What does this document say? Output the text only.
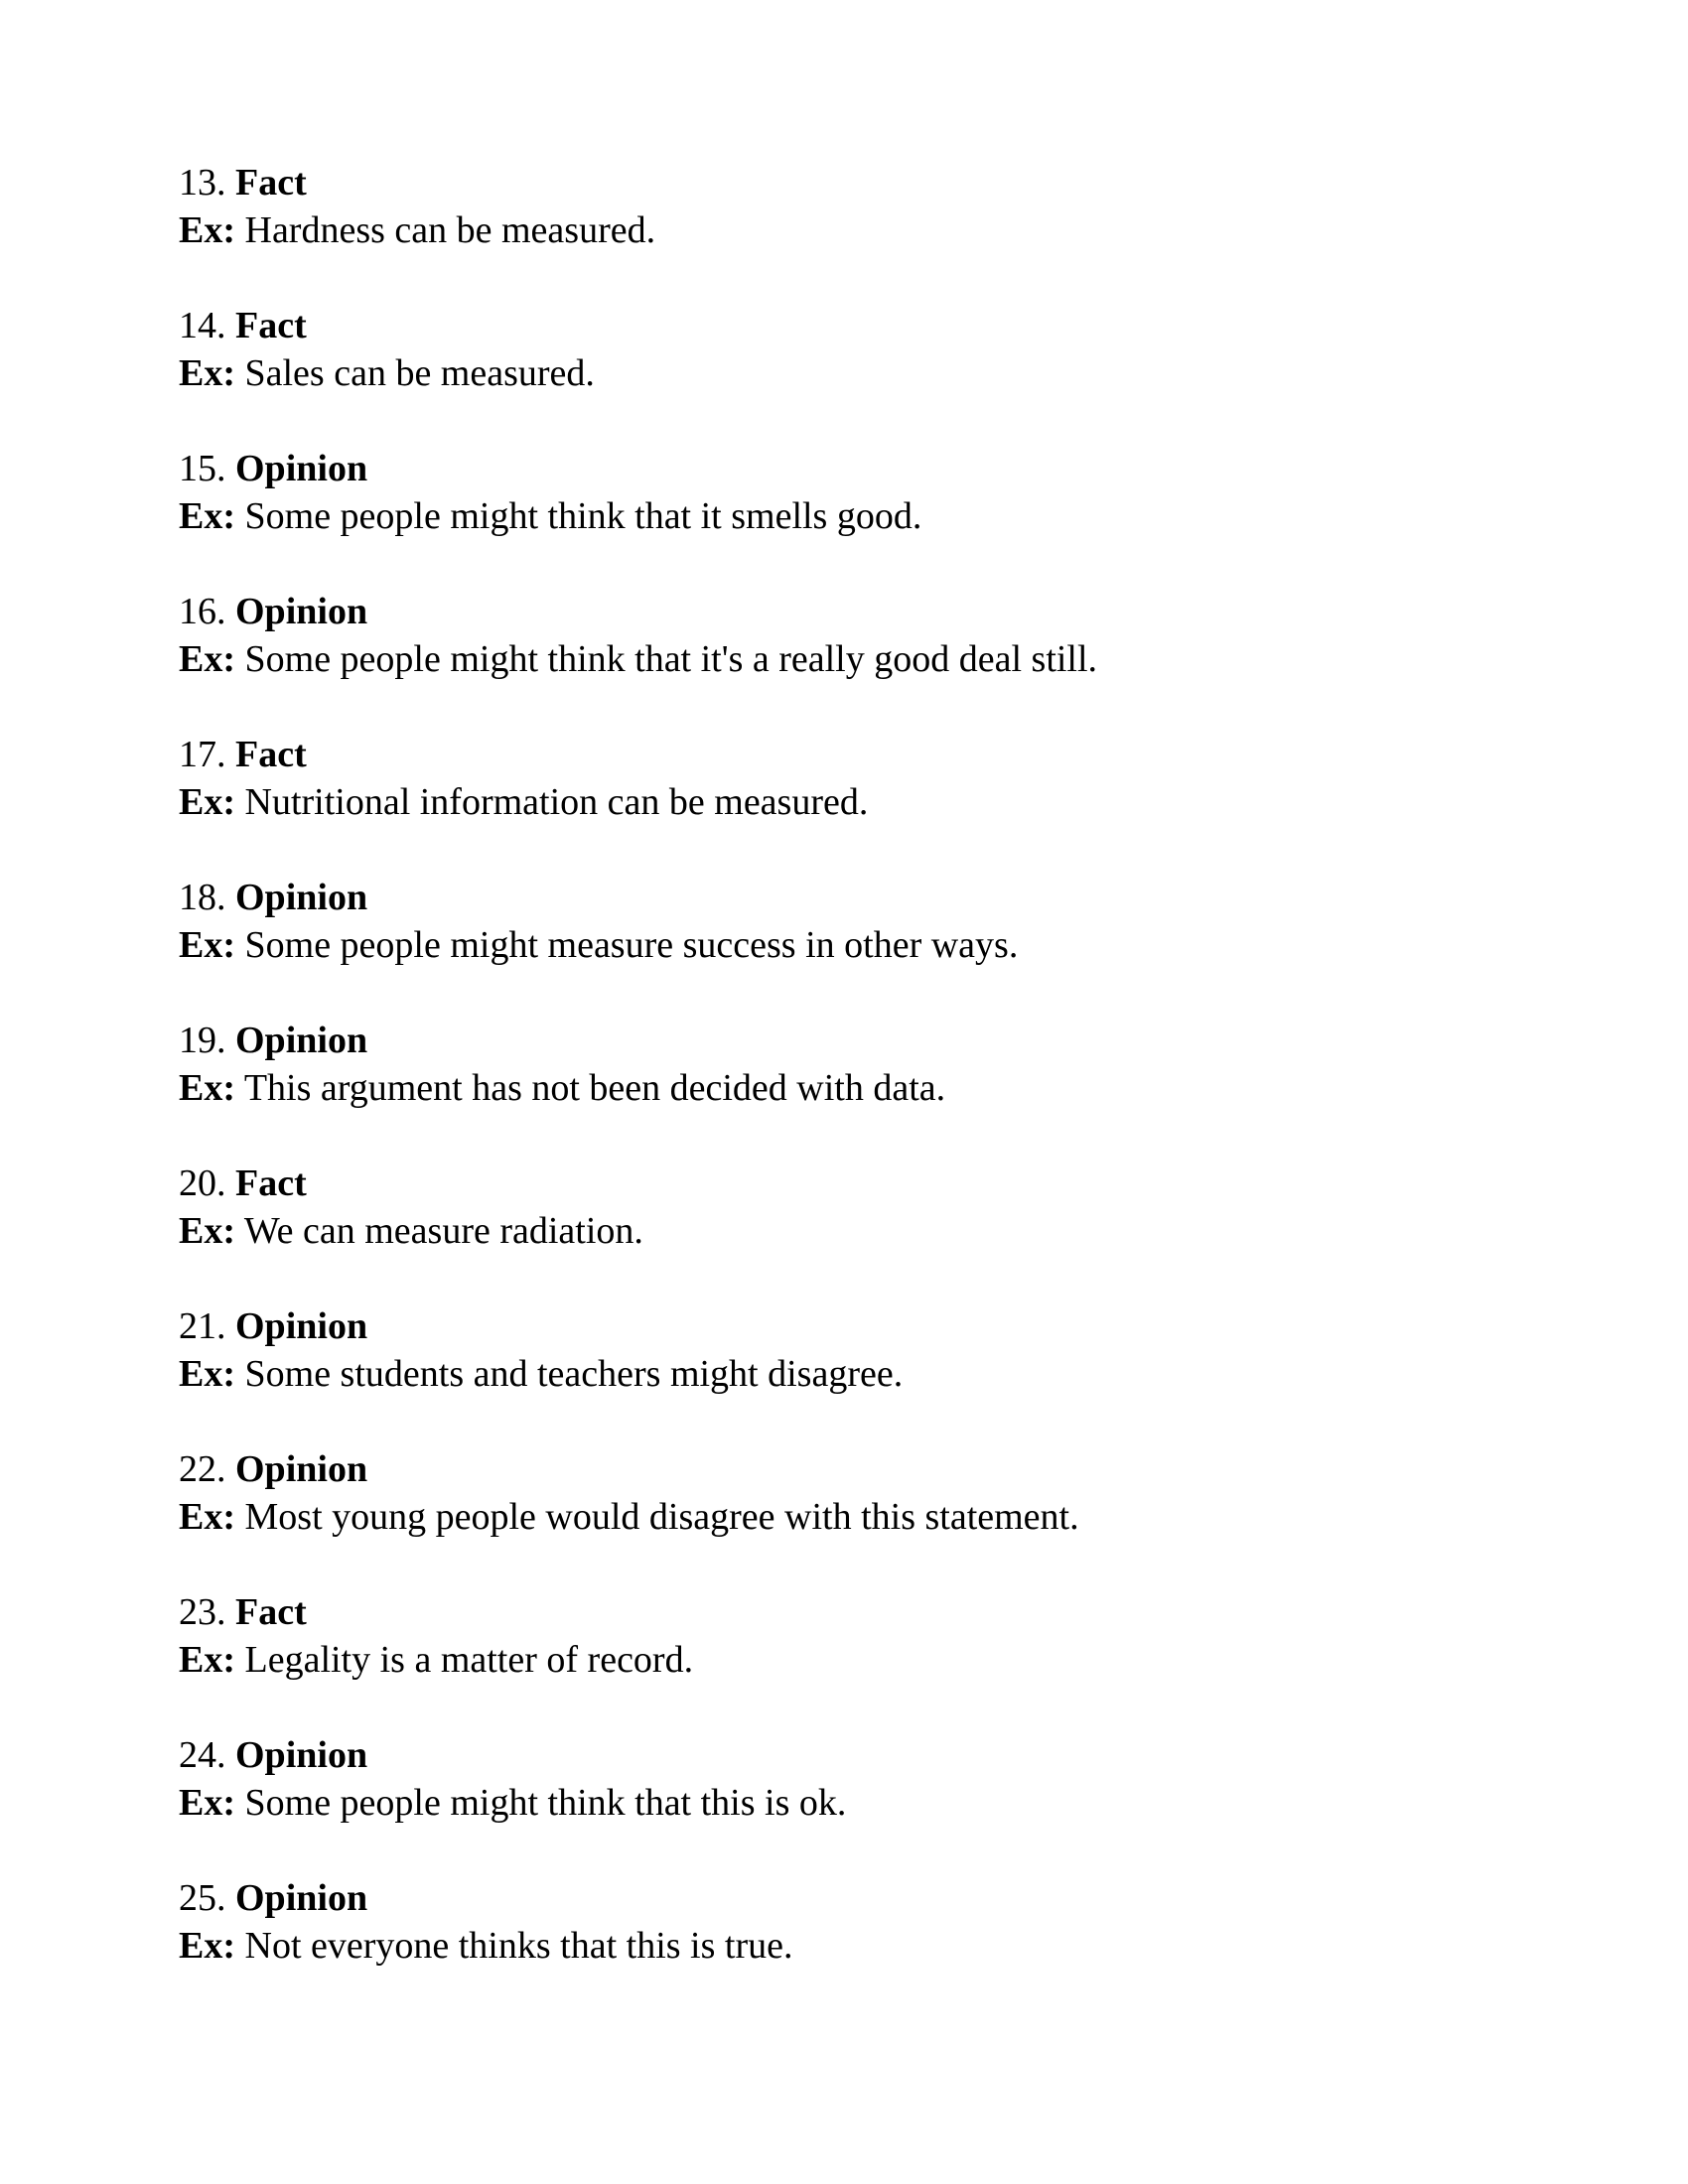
13. Fact
Ex: Hardness can be measured.
14. Fact
Ex: Sales can be measured.
15. Opinion
Ex: Some people might think that it smells good.
16. Opinion
Ex: Some people might think that it's a really good deal still.
17. Fact
Ex: Nutritional information can be measured.
18. Opinion
Ex: Some people might measure success in other ways.
19. Opinion
Ex: This argument has not been decided with data.
20. Fact
Ex: We can measure radiation.
21. Opinion
Ex: Some students and teachers might disagree.
22. Opinion
Ex: Most young people would disagree with this statement.
23. Fact
Ex: Legality is a matter of record.
24. Opinion
Ex: Some people might think that this is ok.
25. Opinion
Ex: Not everyone thinks that this is true.
